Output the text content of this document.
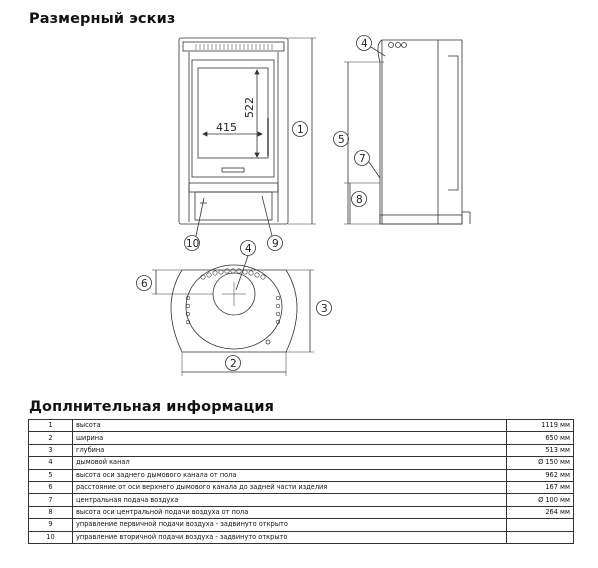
Размерный эскиз
415
522
1
2
3
4
4
5
6
7
8
9
10
Доплнительная информация
1	высота	1119 мм
2	ширина	650 мм
3	глубина	513 мм
4	дымовой канал	Ø 150 мм
5	высота оси заднего дымового канала от пола	962 мм
6	расстояние от оси верхнего дымового канала до задней части изделия	167 мм
7	центральная подача воздуха	Ø 100 мм
8	высота оси центральной подачи воздуха от пола	264 мм
9	управление первичной подачи воздуха - задвинуто открыто	
10	управление вторичной подачи воздуха - задвинуто открыто	
